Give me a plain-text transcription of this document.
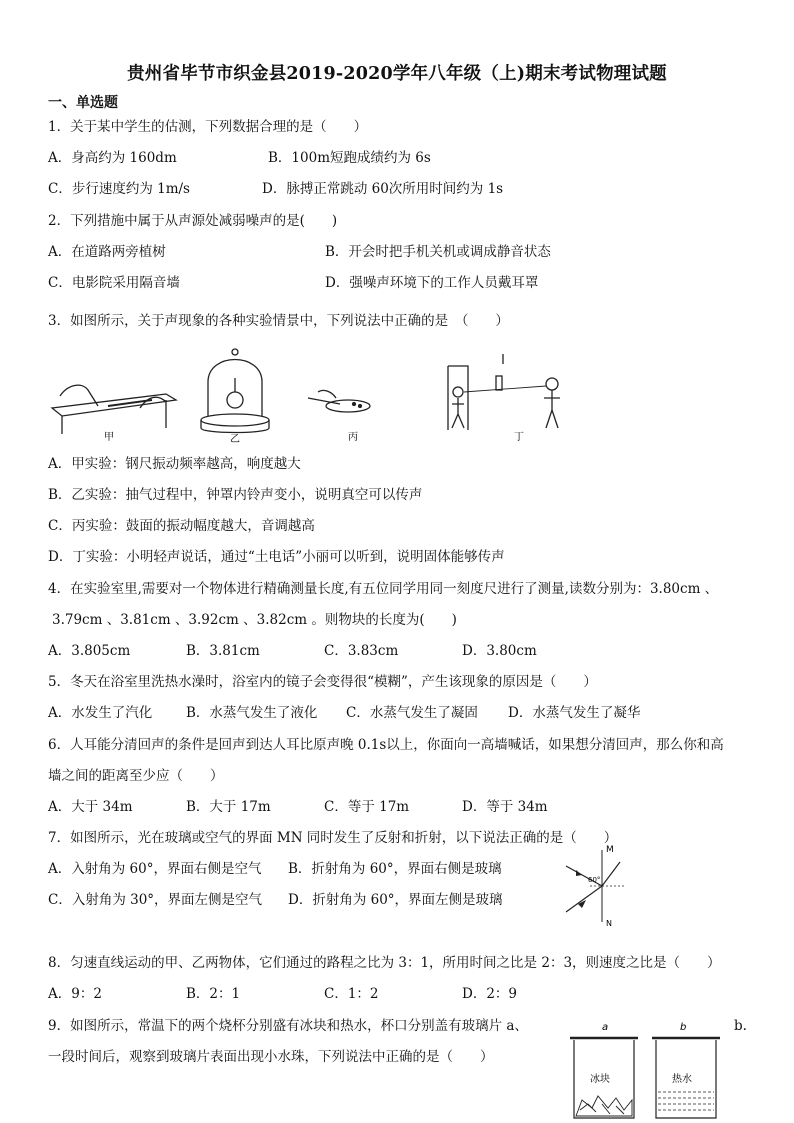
贵州省毕节市织金县2019-2020学年八年级（上)期末考试物理试题
一、单选题
1．关于某中学生的估测，下列数据合理的是（　　）
A．身高约为 160dm	B．100m短跑成绩约为 6s
C．步行速度约为 1m/s	D．脉搏正常跳动 60次所用时间约为 1s
2．下列措施中属于从声源处减弱噪声的是(　　)
A．在道路两旁植树	B．开会时把手机关机或调成静音状态
C．电影院采用隔音墙	D．强噪声环境下的工作人员戴耳罩
3．如图所示，关于声现象的各种实验情景中，下列说法中正确的是　（　　）
甲	乙	丙	丁
A．甲实验：钢尺振动频率越高，响度越大
B．乙实验：抽气过程中，钟罩内铃声变小，说明真空可以传声
C．丙实验：鼓面的振动幅度越大，音调越高
D．丁实验：小明轻声说话，通过“土电话”小丽可以听到，说明固体能够传声
4．在实验室里,需要对一个物体进行精确测量长度,有五位同学用同一刻度尺进行了测量,读数分别为：3.80cm 、
3.79cm 、3.81cm 、3.92cm 、3.82cm 。则物块的长度为(　　)
A．3.805cm	B．3.81cm	C．3.83cm	D．3.80cm
5．冬天在浴室里洗热水澡时，浴室内的镜子会变得很“模糊”，产生该现象的原因是（　　）
A．水发生了汽化	B．水蒸气发生了液化 C．水蒸气发生了凝固 D．水蒸气发生了凝华
6．人耳能分清回声的条件是回声到达人耳比原声晚 0.1s以上，你面向一高墙喊话，如果想分清回声，那么你和高
墙之间的距离至少应（　　）
A．大于 34m	B．大于 17m	C．等于 17m	D．等于 34m
7．如图所示，光在玻璃或空气的界面 MN 同时发生了反射和折射，以下说法正确的是（　　）
A．入射角为 60°，界面右侧是空气 B．折射角为 60°，界面右侧是玻璃
C．入射角为 30°，界面左侧是空气 D．折射角为 60°，界面左侧是玻璃
M
N
60°
8．匀速直线运动的甲、乙两物体，它们通过的路程之比为 3：1，所用时间之比是 2：3，则速度之比是（　　）
A．9：2	B．2：1	C．1：2	D．2：9
9．如图所示，常温下的两个烧杯分别盛有冰块和热水，杯口分别盖有玻璃片 a、	b.
一段时间后，观察到玻璃片表面出现小水珠，下列说法中正确的是（　　）
a	b
冰块	热水
